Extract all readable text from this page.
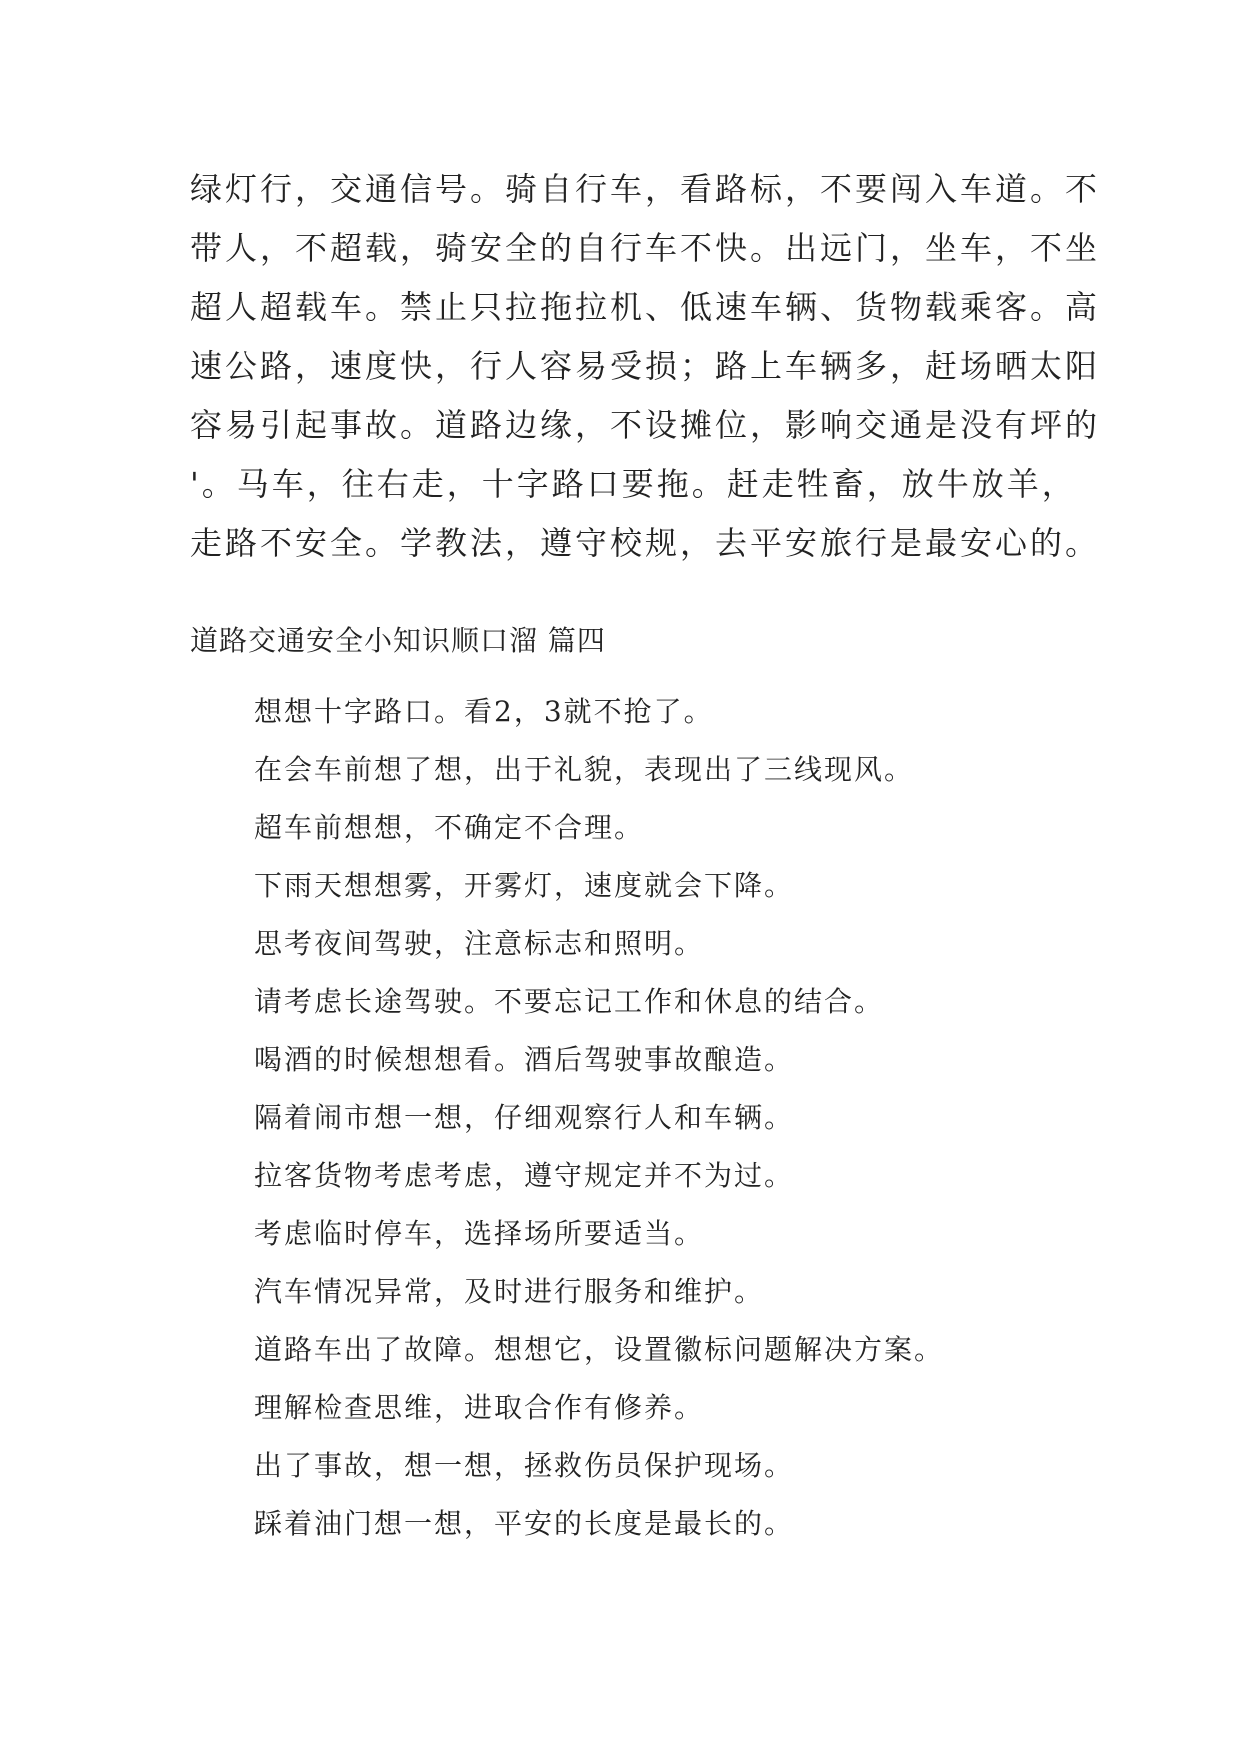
绿灯行，交通信号。骑自行车，看路标，不要闯入车道。不
带人，不超载，骑安全的自行车不快。出远门，坐车，不坐
超人超载车。禁止只拉拖拉机、低速车辆、货物载乘客。高
速公路，速度快，行人容易受损；路上车辆多，赶场晒太阳
容易引起事故。道路边缘，不设摊位，影响交通是没有坪的
'。马车，往右走，十字路口要拖。赶走牲畜，放牛放羊，
走路不安全。学教法，遵守校规，去平安旅行是最安心的。
道路交通安全小知识顺口溜 篇四
想想十字路口。看2，3就不抢了。
在会车前想了想，出于礼貌，表现出了三线现风。
超车前想想，不确定不合理。
下雨天想想雾，开雾灯，速度就会下降。
思考夜间驾驶，注意标志和照明。
请考虑长途驾驶。不要忘记工作和休息的结合。
喝酒的时候想想看。酒后驾驶事故酿造。
隔着闹市想一想，仔细观察行人和车辆。
拉客货物考虑考虑，遵守规定并不为过。
考虑临时停车，选择场所要适当。
汽车情况异常，及时进行服务和维护。
道路车出了故障。想想它，设置徽标问题解决方案。
理解检查思维，进取合作有修养。
出了事故，想一想，拯救伤员保护现场。
踩着油门想一想，平安的长度是最长的。
